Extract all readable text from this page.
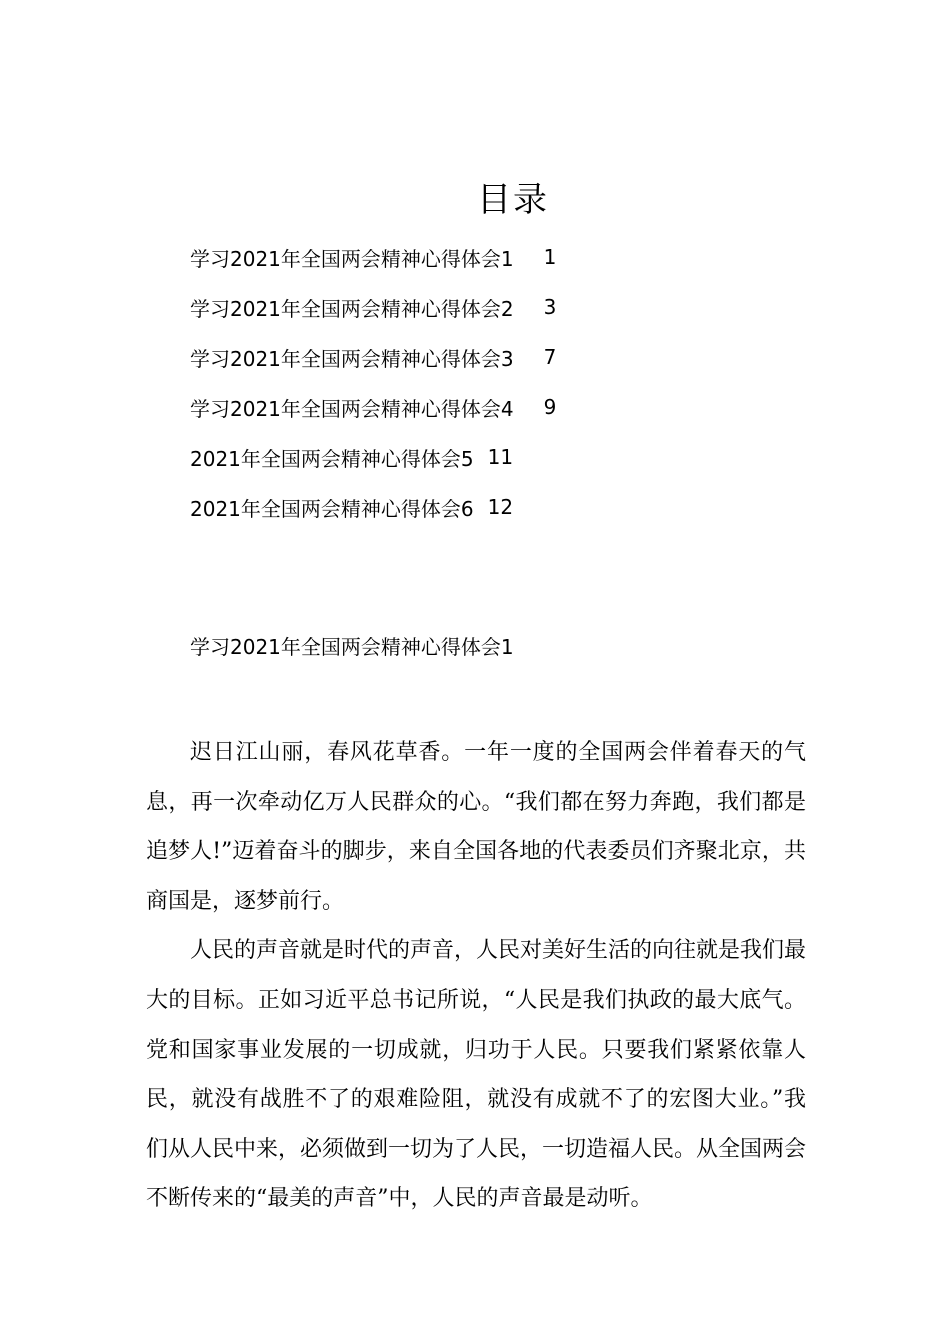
目录
学习2021年全国两会精神心得体会1 1
学习2021年全国两会精神心得体会2 3
学习2021年全国两会精神心得体会3 7
学习2021年全国两会精神心得体会4 9
2021年全国两会精神心得体会5 11
2021年全国两会精神心得体会6 12
学习2021年全国两会精神心得体会1

迟日江山丽，春风花草香。一年一度的全国两会伴着春天的气息，再一次牵动亿万人民群众的心。“我们都在努力奔跑，我们都是追梦人!”迈着奋斗的脚步，来自全国各地的代表委员们齐聚北京，共商国是，逐梦前行。

人民的声音就是时代的声音，人民对美好生活的向往就是我们最大的目标。正如习近平总书记所说，“人民是我们执政的最大底气。党和国家事业发展的一切成就，归功于人民。只要我们紧紧依靠人民，就没有战胜不了的艰难险阻，就没有成就不了的宏图大业。”我们从人民中来，必须做到一切为了人民，一切造福人民。从全国两会不断传来的“最美的声音”中，人民的声音最是动听。
